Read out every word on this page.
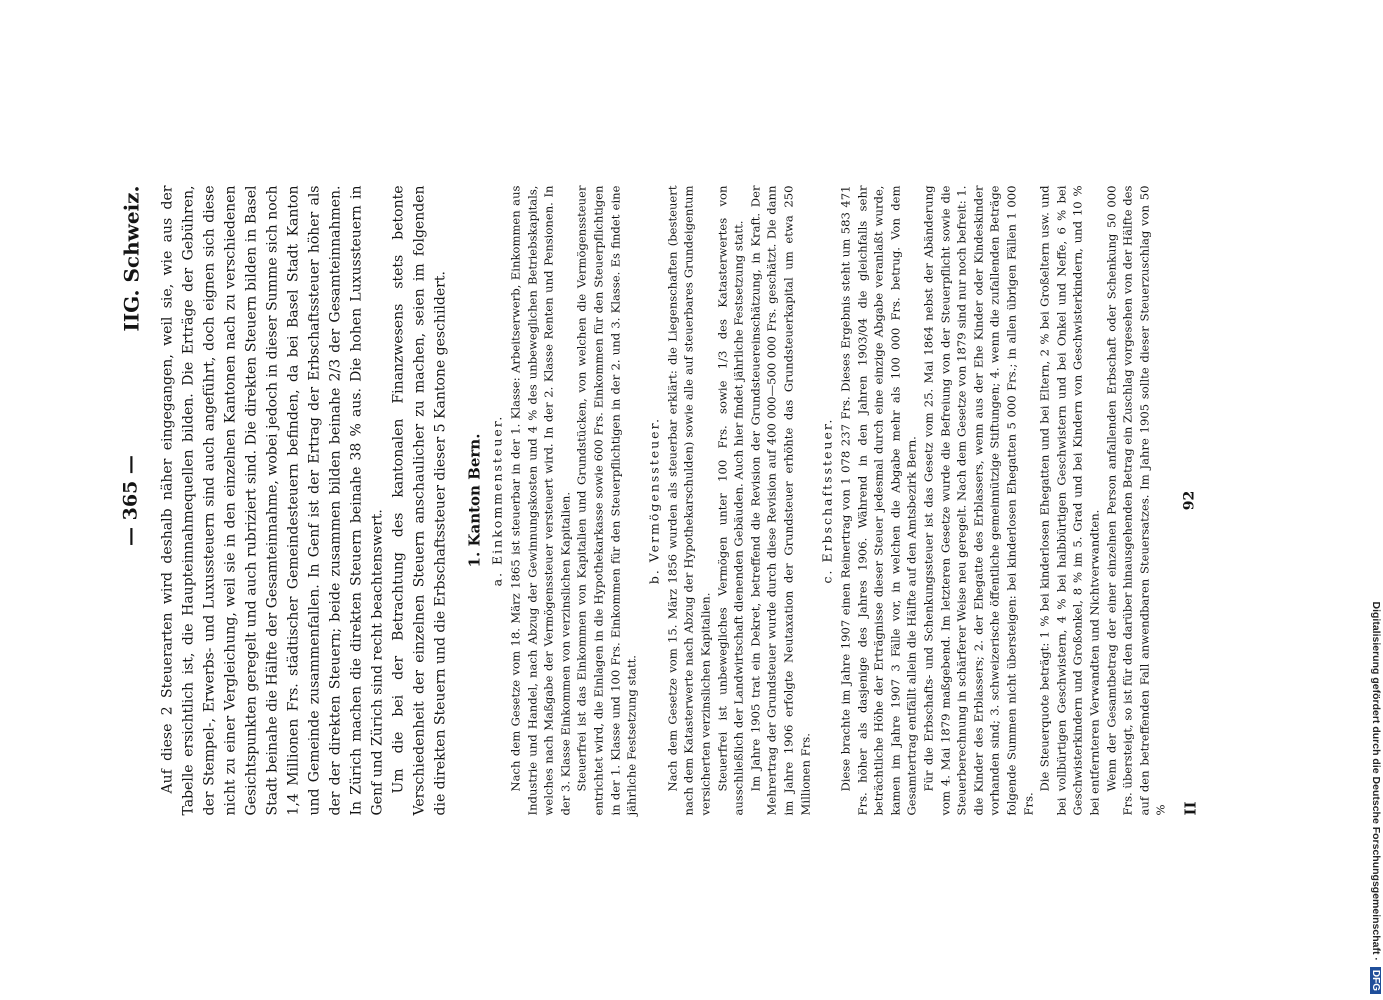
— 365 —
IIG. Schweiz. Auf diese 2 Steuerarten wird deshalb näher eingegangen, weil sie, wie aus der Tabelle ersichtlich ist, die Haupteinnahmequellen bilden. Die Erträge der Gebühren, der Stempel-, Erwerbs- und Luxussteuern sind auch angeführt, doch eignen sich diese nicht zu einer Vergleichung, weil sie in den einzelnen Kantonen nach zu verschiedenen Gesichtspunkten geregelt und auch rubriziert sind. Die direkten Steuern bilden in Basel Stadt beinahe die Hälfte der Gesamteinnahme, wobei jedoch in dieser Summe sich noch 1,4 Millionen Frs. städtischer Gemeindesteuern befinden, da bei Basel Stadt Kanton und Gemeinde zusammenfallen. In Genf ist der Ertrag der Erbschaftssteuer höher als der der direkten Steuern; beide zusammen bilden beinahe 2/3 der Gesamteinnahmen. In Zürich machen die direkten Steuern beinahe 38 % aus. Die hohen Luxussteuern in Genf und Zürich sind recht beachtenswert. Um die bei der Betrachtung des kantonalen Finanzwesens stets betonte Verschiedenheit der einzelnen Steuern anschaulicher zu machen, seien im folgenden die direkten Steuern und die Erbschaftssteuer dieser 5 Kantone geschildert. 1. Kanton Bern. a. Einkommensteuer. Nach dem Gesetze vom 18. März 1865 ist steuerbar in der 1. Klasse: Arbeitserwerb, Einkommen aus Industrie und Handel, nach Abzug der Gewinnungskosten und 4 % des unbeweglichen Betriebskapitals, welches nach Maßgabe der Vermögenssteuer versteuert wird. In der 2. Klasse Renten und Pensionen. In der 3. Klasse Einkommen von verzinslichen Kapitalien. Steuerfrei ist das Einkommen von Kapitalien und Grundstücken, von welchen die Vermögenssteuer entrichtet wird, die Einlagen in die Hypothekarkasse sowie 600 Frs. Einkommen für den Steuerpflichtigen in der 1. Klasse und 100 Frs. Einkommen für den Steuerpflichtigen in der 2. und 3. Klasse. Es findet eine jährliche Festsetzung statt.

b. Vermögenssteuer. Nach dem Gesetze vom 15. März 1856 wurden als steuerbar erklärt: die Liegenschaften (besteuert nach dem Katasterwerte nach Abzug der Hypothekarschulden) sowie alle auf steuerbares Grundeigentum versicherten verzinslichen Kapitalien. Steuerfrei ist unbewegliches Vermögen unter 100 Frs. sowie 1/3 des Katasterwertes von ausschließlich der Landwirtschaft dienenden Gebäuden. Auch hier findet jährliche Festsetzung statt. Im Jahre 1905 trat ein Dekret, betreffend die Revision der Grundsteuereinschätzung, in Kraft. Der Mehrertrag der Grundsteuer wurde durch diese Revision auf 400 000—500 000 Frs. geschätzt. Die dann im Jahre 1906 erfolgte Neutaxation der Grundsteuer erhöhte das Grundsteuerkapital um etwa 250 Millionen Frs.

c. Erbschaftssteuer. Diese brachte im Jahre 1907 einen Reinertrag von 1 078 237 Frs. Dieses Ergebnis steht um 583 471 Frs. höher als dasjenige des Jahres 1906. Während in den Jahren 1903/04 die gleichfalls sehr beträchtliche Höhe der Erträgnisse dieser Steuer jedesmal durch eine einzige Abgabe veranlaßt wurde, kamen im Jahre 1907 3 Fälle vor, in welchen die Abgabe mehr als 100 000 Frs. betrug. Von dem Gesamtertrag entfällt allein die Hälfte auf den Amtsbezirk Bern. Für die Erbschafts- und Schenkungssteuer ist das Gesetz vom 25. Mai 1864 nebst der Abänderung vom 4. Mai 1879 maßgebend. Im letzteren Gesetze wurde die Befreiung von der Steuerpflicht sowie die Steuerberechnung in schärferer Weise neu geregelt. Nach dem Gesetze von 1879 sind nur noch befreit: 1. die Kinder des Erblassers; 2. der Ehegatte des Erblassers, wenn aus der Ehe Kinder oder Kindeskinder vorhanden sind; 3. schweizerische öffentliche gemeinnützige Stiftungen; 4. wenn die zufallenden Beträge folgende Summen nicht übersteigen: bei kinderlosen Ehegatten 5 000 Frs.; in allen übrigen Fällen 1 000 Frs.

Die Steuerquote beträgt: 1 % bei kinderlosen Ehegatten und bei Eltern, 2 % bei Großeltern usw. und bei vollbürtigen Geschwistern, 4 % bei halbbürtigen Geschwistern und bei Onkel und Neffe, 6 % bei Geschwisterkindern und Großonkel, 8 % im 5. Grad und bei Kindern von Geschwisterkindern, und 10 % bei entfernteren Verwandten und Nichtverwandten. Wenn der Gesamtbetrag der einer einzelnen Person anfallenden Erbschaft oder Schenkung 50 000 Frs. übersteigt, so ist für den darüber hinausgehenden Betrag ein Zuschlag vorgesehen von der Hälfte des auf den betreffenden Fall anwendbaren Steuersatzes. Im Jahre 1905 sollte dieser Steuerzuschlag von 50 % II
92
Digitalisierung gefördert durch die Deutsche Forschungsgemeinschaft ·DFG
